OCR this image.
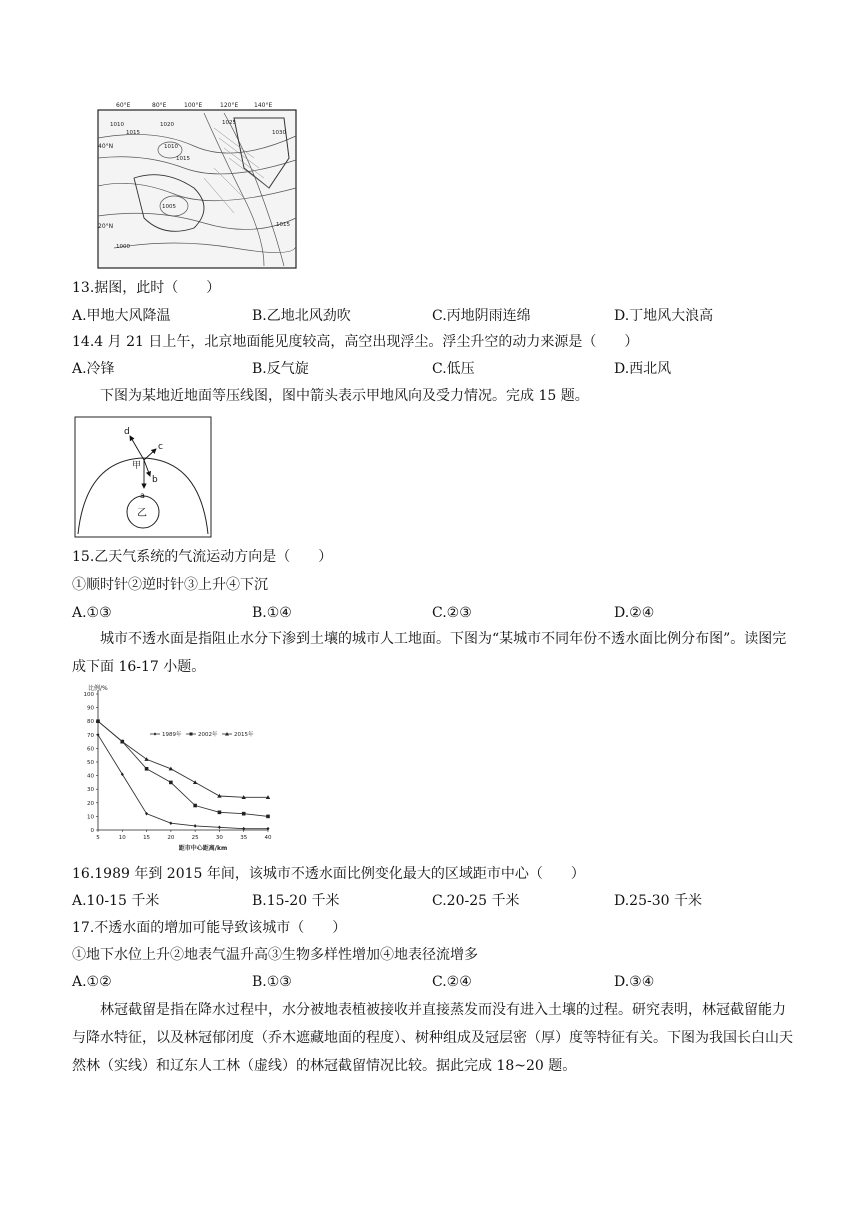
60°E	80°E	100°E	120°E	140°E
40°N
20°N
1010
1015
1020	1025
1030
1010
1015
1005
1000
1015
13.据图，此时（　　）
A.甲地大风降温	B.乙地北风劲吹	C.丙地阴雨连绵	D.丁地风大浪高
14.4 月 21 日上午，北京地面能见度较高，高空出现浮尘。浮尘升空的动力来源是（　　）
A.冷锋	B.反气旋	C.低压	D.西北风
下图为某地近地面等压线图，图中箭头表示甲地风向及受力情况。完成 15 题。
乙
甲
d
c
b
a
15.乙天气系统的气流运动方向是（　　）
①顺时针②逆时针③上升④下沉
A.①③	B.①④	C.②③	D.②④
城市不透水面是指阻止水分下渗到土壤的城市人工地面。下图为“某城市不同年份不透水面比例分布图”。读图完成下面 16-17 小题。
0
10
20
30
40
50
60
70
80
90
100
5	10	15	20	25	30	35	40
比例/%
距市中心距离/km
1989年	2002年	2015年
16.1989 年到 2015 年间，该城市不透水面比例变化最大的区域距市中心（　　）
A.10-15 千米	B.15-20 千米	C.20-25 千米	D.25-30 千米
17.不透水面的增加可能导致该城市（　　）
①地下水位上升②地表气温升高③生物多样性增加④地表径流增多
A.①②	B.①③	C.②④	D.③④
林冠截留是指在降水过程中，水分被地表植被接收并直接蒸发而没有进入土壤的过程。研究表明，林冠截留能力与降水特征，以及林冠郁闭度（乔木遮藏地面的程度）、树种组成及冠层密（厚）度等特征有关。下图为我国长白山天然林（实线）和辽东人工林（虚线）的林冠截留情况比较。据此完成 18~20 题。
